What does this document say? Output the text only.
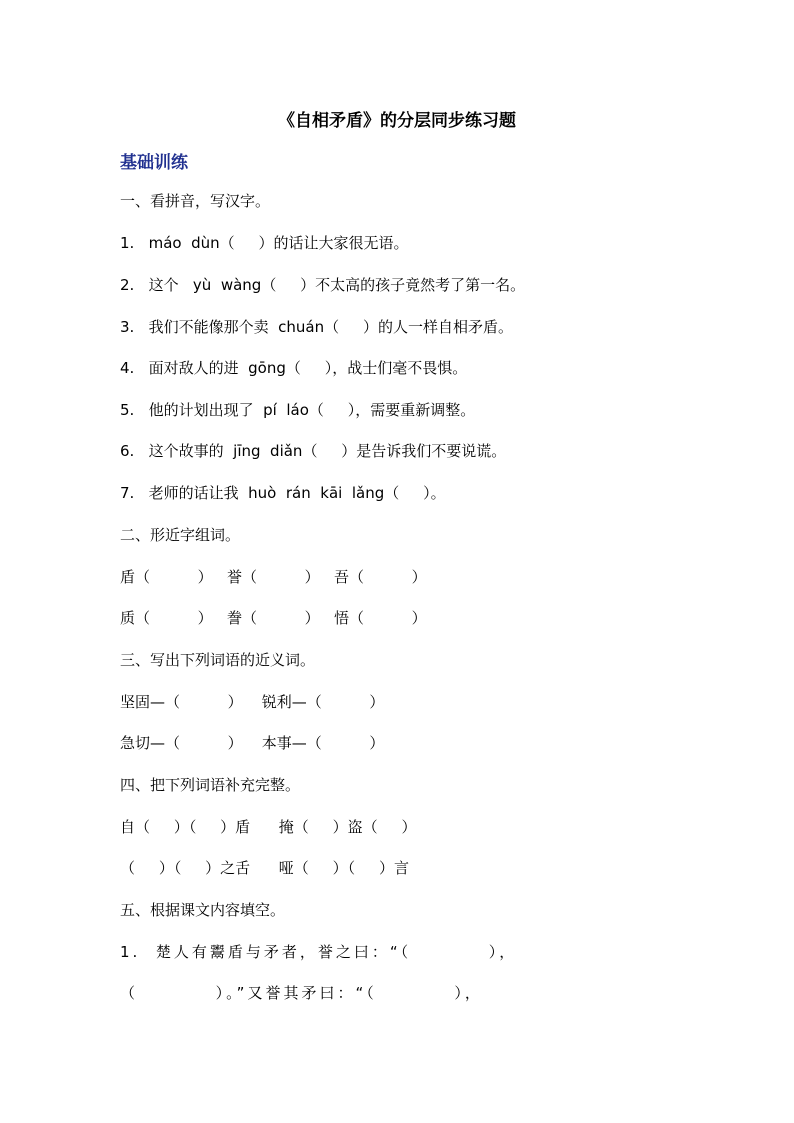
《自相矛盾》的分层同步练习题
基础训练
一、看拼音，写汉字。
1.   máo  dùn（     ）的话让大家很无语。
2.   这个   yù  wàng（     ）不太高的孩子竟然考了第一名。
3.   我们不能像那个卖  chuán（     ）的人一样自相矛盾。
4.   面对敌人的进  gōng（     ），战士们毫不畏惧。
5.   他的计划出现了  pí  láo（     ），需要重新调整。
6.   这个故事的  jīng  diǎn（     ）是告诉我们不要说谎。
7.   老师的话让我  huò  rán  kāi  lǎng（     ）。
二、形近字组词。
盾（          ）   誉（          ）   吾（          ）
质（          ）   誊（          ）   悟（          ）
三、写出下列词语的近义词。
坚固—（          ）    锐利—（          ）
急切—（          ）    本事—（          ）
四、把下列词语补充完整。
自（     ）（     ）盾      掩（     ）盗（     ）
（     ）（     ）之舌      哑（     ）（     ）言
五、根据课文内容填空。
1.  楚人有鬻盾与矛者，誉之曰：“（          ），
（          ）。”又誉其矛曰：“（          ），
